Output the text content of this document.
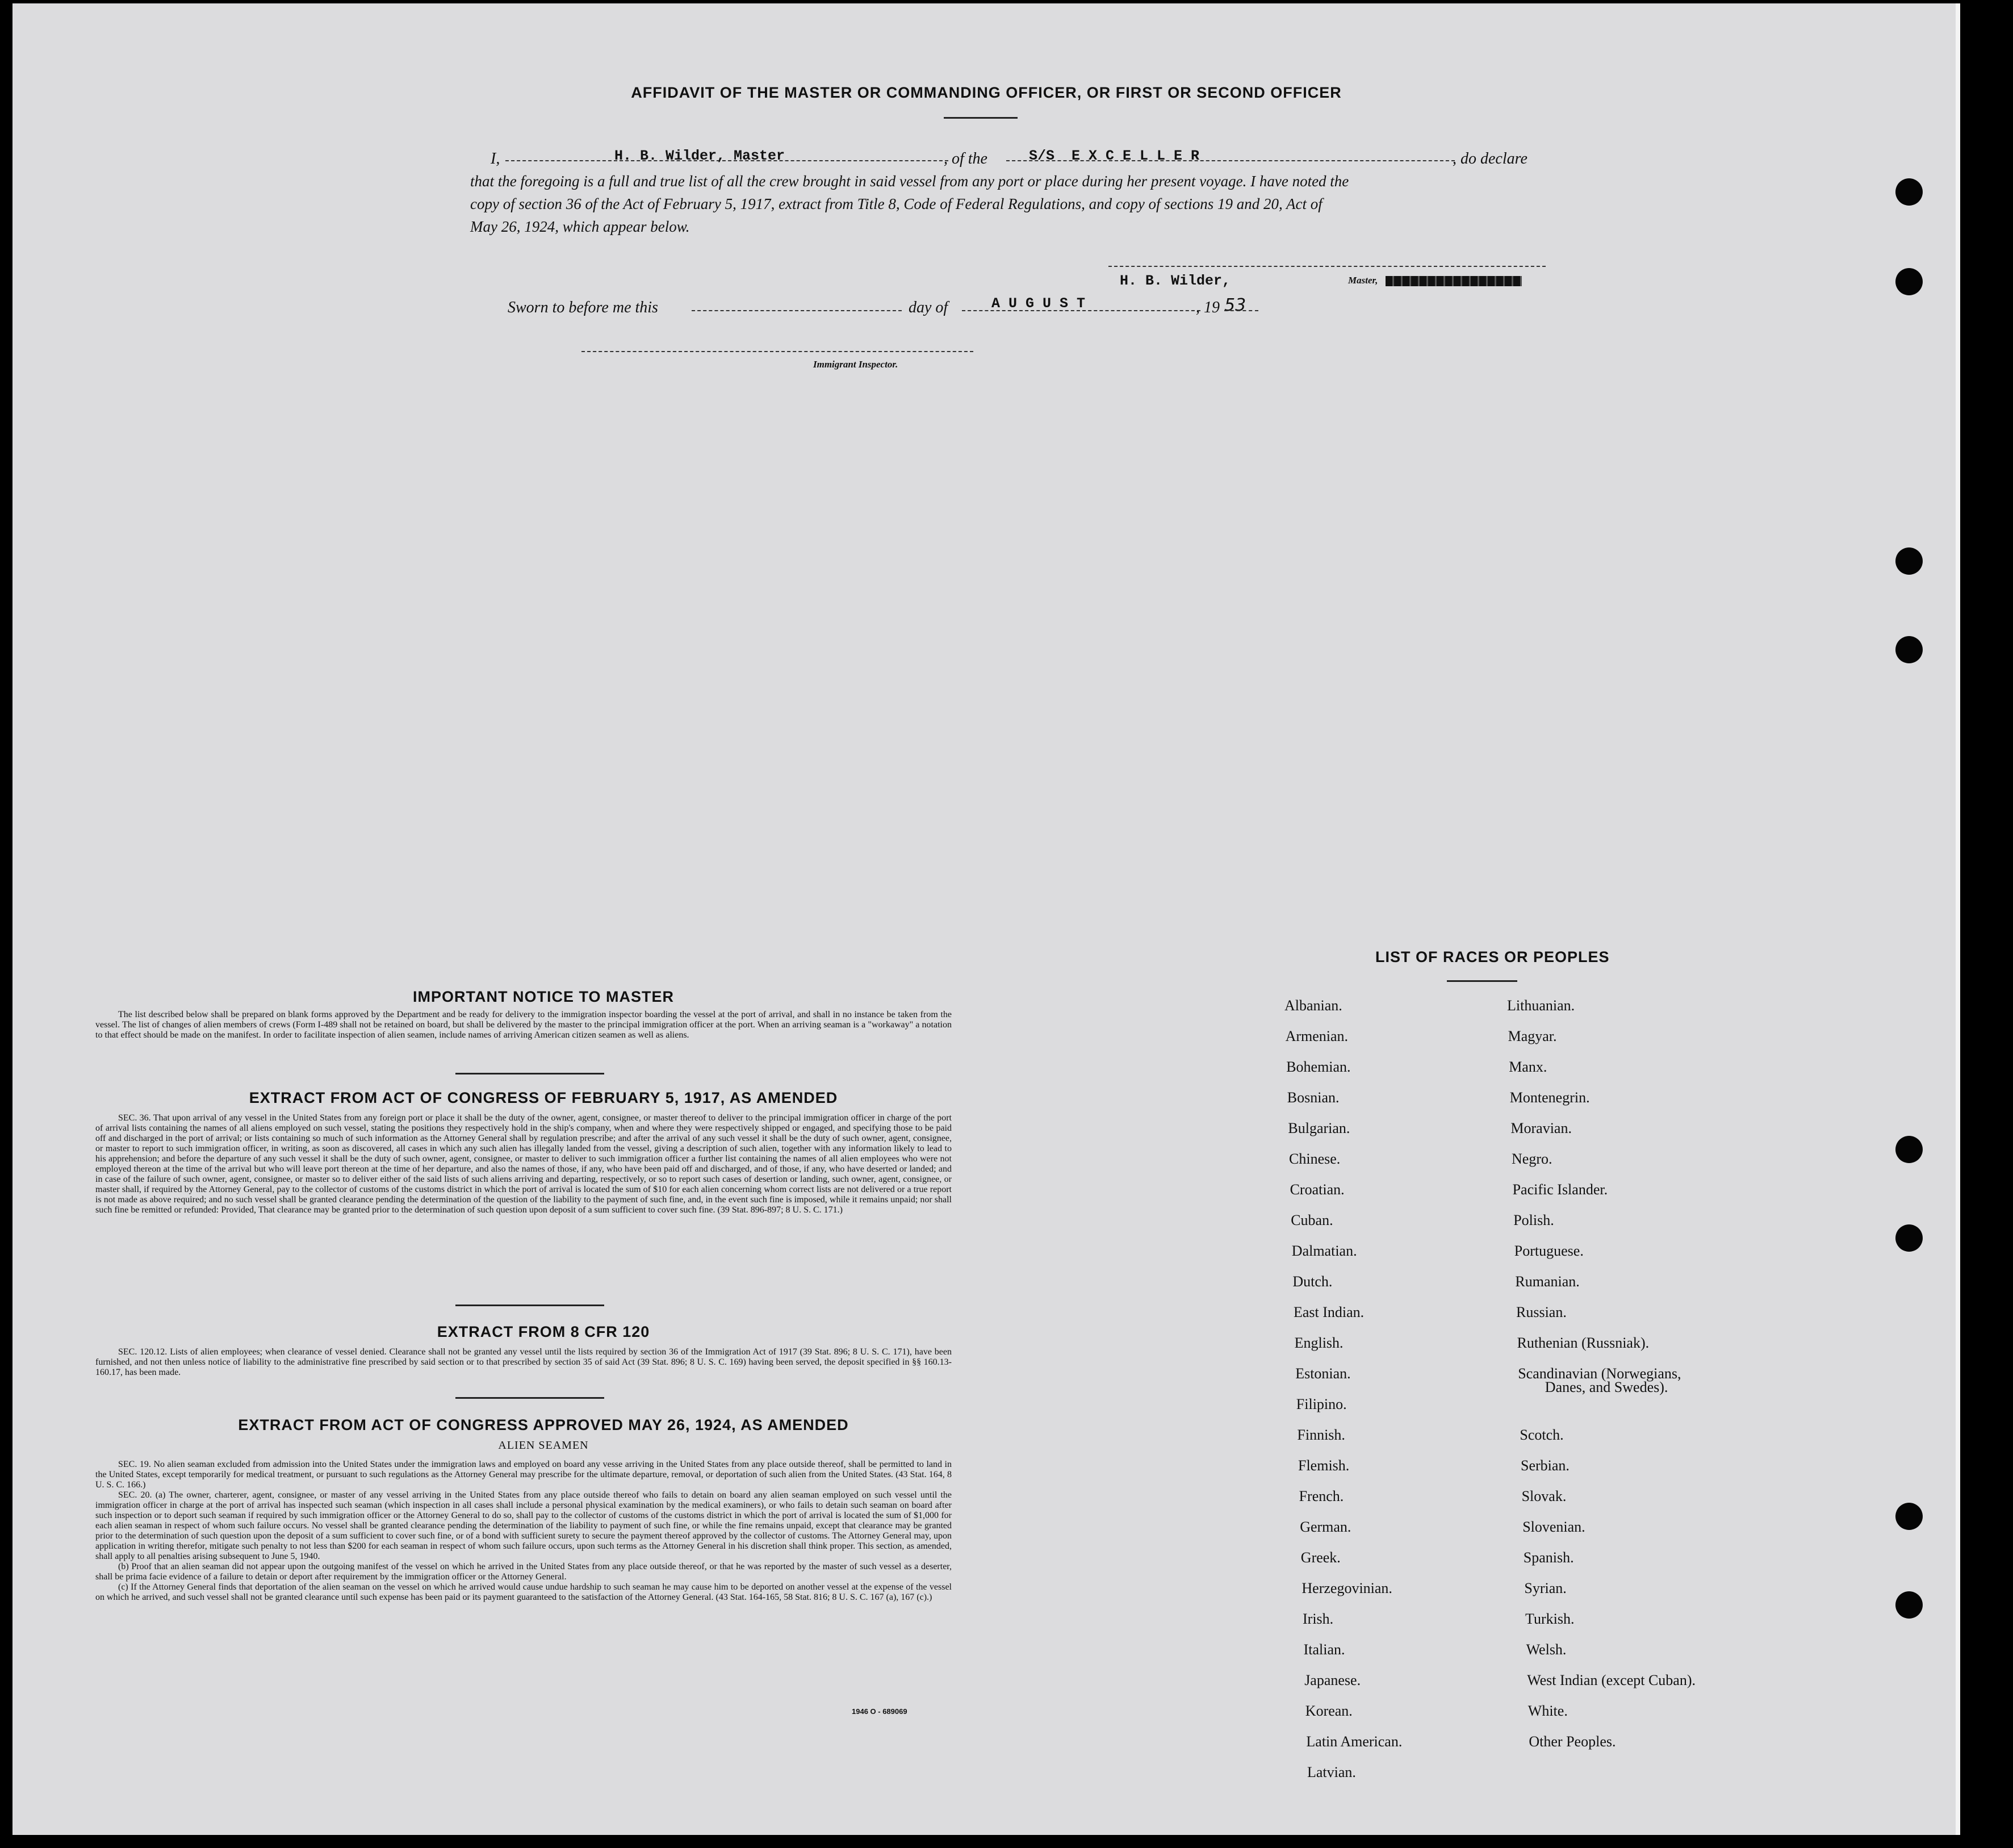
AFFIDAVIT OF THE MASTER OR COMMANDING OFFICER, OR FIRST OR SECOND OFFICER
I,	H. B. Wilder, Master	, of the	S/S  E X C E L L E R	, do declare
that the foregoing is a full and true list of all the crew brought in said vessel from any port or place during her present voyage. I have noted the
copy of section 36 of the Act of February 5, 1917, extract from Title 8, Code of Federal Regulations, and copy of sections 19 and 20, Act of
May 26, 1924, which appear below.
H. B. Wilder,	Master,
Sworn to before me this	day of	A U G U S T	, 19 53
Immigrant Inspector.
IMPORTANT NOTICE TO MASTER

The list described below shall be prepared on blank forms approved by the Department and be ready for delivery to the immigration inspector boarding the vessel at the port of arrival, and shall in no instance be taken from the vessel. The list of changes of alien members of crews (Form I-489 shall not be retained on board, but shall be delivered by the master to the principal immigration officer at the port. When an arriving seaman is a "workaway" a notation to that effect should be made on the manifest. In order to facilitate inspection of alien seamen, include names of arriving American citizen seamen as well as aliens.

EXTRACT FROM ACT OF CONGRESS OF FEBRUARY 5, 1917, AS AMENDED

SEC. 36. That upon arrival of any vessel in the United States from any foreign port or place it shall be the duty of the owner, agent, consignee, or master thereof to deliver to the principal immigration officer in charge of the port of arrival lists containing the names of all aliens employed on such vessel, stating the positions they respectively hold in the ship's company, when and where they were respectively shipped or engaged, and specifying those to be paid off and discharged in the port of arrival; or lists containing so much of such information as the Attorney General shall by regulation prescribe; and after the arrival of any such vessel it shall be the duty of such owner, agent, consignee, or master to report to such immigration officer, in writing, as soon as discovered, all cases in which any such alien has illegally landed from the vessel, giving a description of such alien, together with any information likely to lead to his apprehension; and before the departure of any such vessel it shall be the duty of such owner, agent, consignee, or master to deliver to such immigration officer a further list containing the names of all alien employees who were not employed thereon at the time of the arrival but who will leave port thereon at the time of her departure, and also the names of those, if any, who have been paid off and discharged, and of those, if any, who have deserted or landed; and in case of the failure of such owner, agent, consignee, or master so to deliver either of the said lists of such aliens arriving and departing, respectively, or so to report such cases of desertion or landing, such owner, agent, consignee, or master shall, if required by the Attorney General, pay to the collector of customs of the customs district in which the port of arrival is located the sum of $10 for each alien concerning whom correct lists are not delivered or a true report is not made as above required; and no such vessel shall be granted clearance pending the determination of the question of the liability to the payment of such fine, and, in the event such fine is imposed, while it remains unpaid; nor shall such fine be remitted or refunded: Provided, That clearance may be granted prior to the determination of such question upon deposit of a sum sufficient to cover such fine. (39 Stat. 896-897; 8 U. S. C. 171.)

EXTRACT FROM 8 CFR 120

SEC. 120.12. Lists of alien employees; when clearance of vessel denied. Clearance shall not be granted any vessel until the lists required by section 36 of the Immigration Act of 1917 (39 Stat. 896; 8 U. S. C. 171), have been furnished, and not then unless notice of liability to the administrative fine prescribed by said section or to that prescribed by section 35 of said Act (39 Stat. 896; 8 U. S. C. 169) having been served, the deposit specified in §§ 160.13-160.17, has been made.

EXTRACT FROM ACT OF CONGRESS APPROVED MAY 26, 1924, AS AMENDED
ALIEN SEAMEN

SEC. 19. No alien seaman excluded from admission into the United States under the immigration laws and employed on board any vesse arriving in the United States from any place outside thereof, shall be permitted to land in the United States, except temporarily for medical treatment, or pursuant to such regulations as the Attorney General may prescribe for the ultimate departure, removal, or deportation of such alien from the United States. (43 Stat. 164, 8 U. S. C. 166.)

SEC. 20. (a) The owner, charterer, agent, consignee, or master of any vessel arriving in the United States from any place outside thereof who fails to detain on board any alien seaman employed on such vessel until the immigration officer in charge at the port of arrival has inspected such seaman (which inspection in all cases shall include a personal physical examination by the medical examiners), or who fails to detain such seaman on board after such inspection or to deport such seaman if required by such immigration officer or the Attorney General to do so, shall pay to the collector of customs of the customs district in which the port of arrival is located the sum of $1,000 for each alien seaman in respect of whom such failure occurs. No vessel shall be granted clearance pending the determination of the liability to payment of such fine, or while the fine remains unpaid, except that clearance may be granted prior to the determination of such question upon the deposit of a sum sufficient to cover such fine, or of a bond with sufficient surety to secure the payment thereof approved by the collector of customs. The Attorney General may, upon application in writing therefor, mitigate such penalty to not less than $200 for each seaman in respect of whom such failure occurs, upon such terms as the Attorney General in his discretion shall think proper. This section, as amended, shall apply to all penalties arising subsequent to June 5, 1940.

(b) Proof that an alien seaman did not appear upon the outgoing manifest of the vessel on which he arrived in the United States from any place outside thereof, or that he was reported by the master of such vessel as a deserter, shall be prima facie evidence of a failure to detain or deport after requirement by the immigration officer or the Attorney General.

(c) If the Attorney General finds that deportation of the alien seaman on the vessel on which he arrived would cause undue hardship to such seaman he may cause him to be deported on another vessel at the expense of the vessel on which he arrived, and such vessel shall not be granted clearance until such expense has been paid or its payment guaranteed to the satisfaction of the Attorney General. (43 Stat. 164-165, 58 Stat. 816; 8 U. S. C. 167 (a), 167 (c).)

1946 O - 689069
LIST OF RACES OR PEOPLES
Albanian.
Armenian.
Bohemian.
Bosnian.
Bulgarian.
Chinese.
Croatian.
Cuban.
Dalmatian.
Dutch.
East Indian.
English.
Estonian.
Filipino.
Finnish.
Flemish.
French.
German.
Greek.
Herzegovinian.
Irish.
Italian.
Japanese.
Korean.
Latin American.
Latvian.
Lithuanian.
Magyar.
Manx.
Montenegrin.
Moravian.
Negro.
Pacific Islander.
Polish.
Portuguese.
Rumanian.
Russian.
Ruthenian (Russniak).
Scandinavian (Norwegians,
Danes, and Swedes).
Scotch.
Serbian.
Slovak.
Slovenian.
Spanish.
Syrian.
Turkish.
Welsh.
West Indian (except Cuban).
White.
Other Peoples.
